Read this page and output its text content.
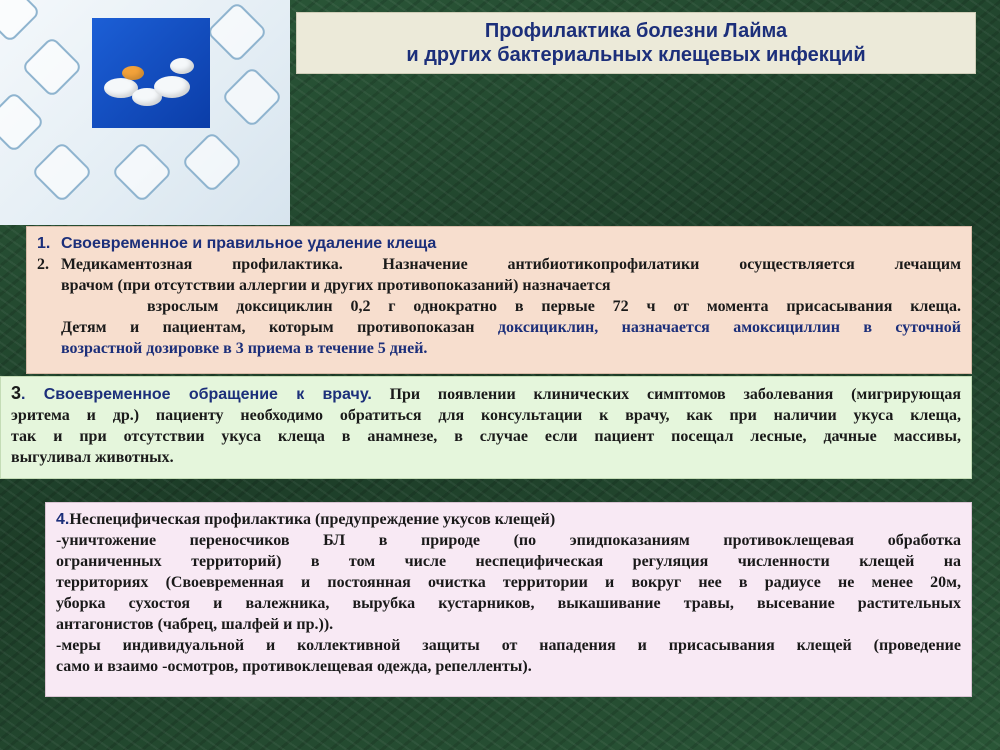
Профилактика болезни Лайма
и других бактериальных клещевых инфекций
1. Своевременное и правильное удаление клеща
2. Медикаментозная профилактика. Назначение антибиотикопрофилатики осуществляется лечащим
врачом (при отсутствии аллергии и других противопоказаний) назначается
взрослым доксициклин 0,2 г однократно в первые 72 ч от момента присасывания клеща.
Детям и пациентам, которым противопоказан доксициклин, назначается амоксициллин в суточной
возрастной дозировке в 3 приема в течение 5 дней.
3. Своевременное обращение к врачу. При появлении клинических симптомов заболевания (мигрирующая
эритема и др.) пациенту необходимо обратиться для консультации к врачу, как при наличии укуса клеща,
так и при отсутствии укуса клеща в анамнезе, в случае если пациент посещал лесные, дачные массивы,
выгуливал животных.
4.Неспецифическая профилактика (предупреждение укусов клещей)
-уничтожение переносчиков БЛ в природе (по эпидпоказаниям противоклещевая обработка
ограниченных территорий) в том числе неспецифическая регуляция численности клещей на
территориях (Своевременная и постоянная очистка территории и вокруг нее в радиусе не менее 20м,
уборка сухостоя и валежника, вырубка кустарников, выкашивание травы, высевание растительных
антагонистов (чабрец, шалфей и пр.)).
-меры индивидуальной и коллективной защиты от нападения и присасывания клещей (проведение
само и взаимо -осмотров, противоклещевая одежда, репелленты).
